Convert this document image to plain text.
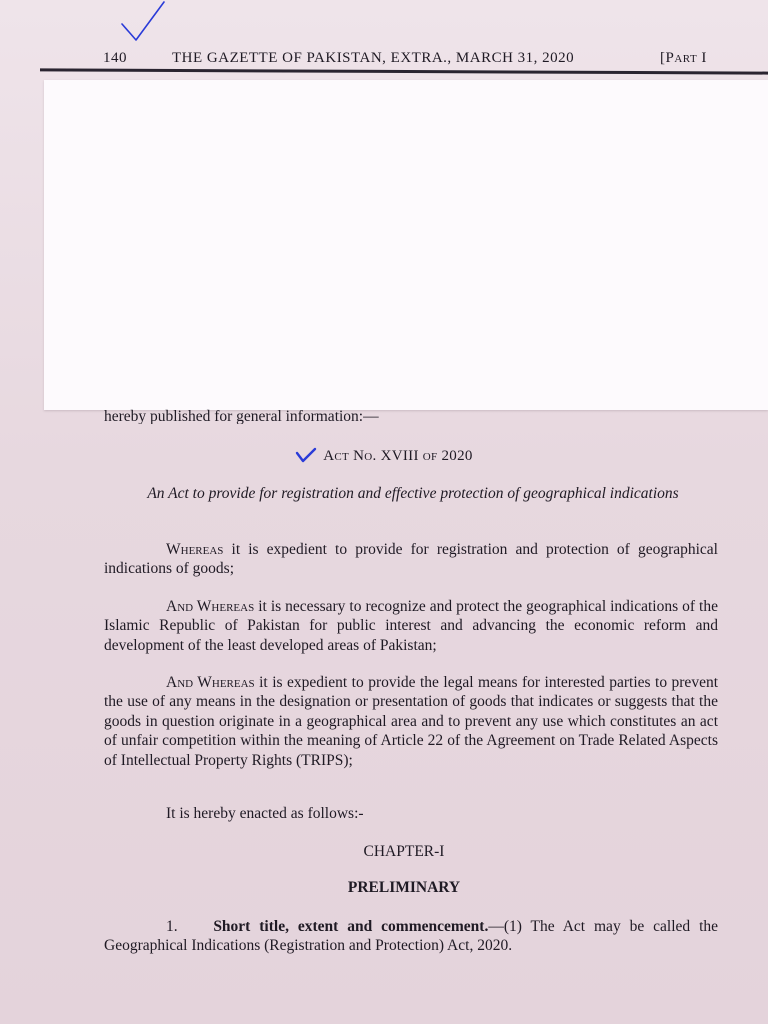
140	THE GAZETTE OF PAKISTAN, EXTRA., MARCH 31, 2020	[Part I
hereby published for general information:—
Act No. XVIII of 2020
An Act to provide for registration and effective protection of geographical indications
Whereas it is expedient to provide for registration and protection of geographical indications of goods;
And Whereas it is necessary to recognize and protect the geographical indications of the Islamic Republic of Pakistan for public interest and advancing the economic reform and development of the least developed areas of Pakistan;
And Whereas it is expedient to provide the legal means for interested parties to prevent the use of any means in the designation or presentation of goods that indicates or suggests that the goods in question originate in a geographical area and to prevent any use which constitutes an act of unfair competition within the meaning of Article 22 of the Agreement on Trade Related Aspects of Intellectual Property Rights (TRIPS);
It is hereby enacted as follows:-
CHAPTER-I
PRELIMINARY
1. Short title, extent and commencement.—(1) The Act may be called the Geographical Indications (Registration and Protection) Act, 2020.
